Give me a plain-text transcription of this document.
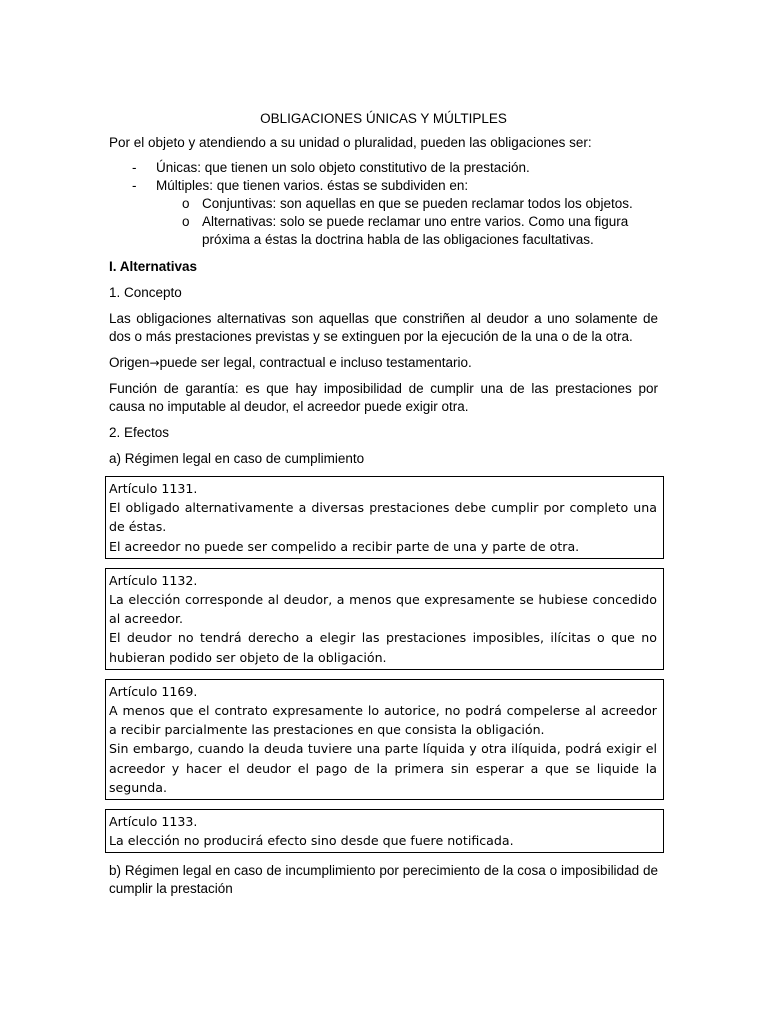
OBLIGACIONES ÚNICAS Y MÚLTIPLES

Por el objeto y atendiendo a su unidad o pluralidad, pueden las obligaciones ser:

- Únicas: que tienen un solo objeto constitutivo de la prestación.
- Múltiples: que tienen varios. éstas se subdividen en:
o Conjuntivas: son aquellas en que se pueden reclamar todos los objetos.
o Alternativas: solo se puede reclamar uno entre varios. Como una figura próxima a éstas la doctrina habla de las obligaciones facultativas.

I. Alternativas

1. Concepto

Las obligaciones alternativas son aquellas que constriñen al deudor a uno solamente de dos o más prestaciones previstas y se extinguen por la ejecución de la una o de la otra.

Origen→puede ser legal, contractual e incluso testamentario.

Función de garantía: es que hay imposibilidad de cumplir una de las prestaciones por causa no imputable al deudor, el acreedor puede exigir otra.

2. Efectos

a) Régimen legal en caso de cumplimiento

Artículo 1131.

El obligado alternativamente a diversas prestaciones debe cumplir por completo una de éstas.

El acreedor no puede ser compelido a recibir parte de una y parte de otra.

Artículo 1132.

La elección corresponde al deudor, a menos que expresamente se hubiese concedido al acreedor.

El deudor no tendrá derecho a elegir las prestaciones imposibles, ilícitas o que no hubieran podido ser objeto de la obligación.

Artículo 1169.

A menos que el contrato expresamente lo autorice, no podrá compelerse al acreedor a recibir parcialmente las prestaciones en que consista la obligación.

Sin embargo, cuando la deuda tuviere una parte líquida y otra ilíquida, podrá exigir el acreedor y hacer el deudor el pago de la primera sin esperar a que se liquide la segunda.

Artículo 1133.

La elección no producirá efecto sino desde que fuere notificada.

b) Régimen legal en caso de incumplimiento por perecimiento de la cosa o imposibilidad de cumplir la prestación
